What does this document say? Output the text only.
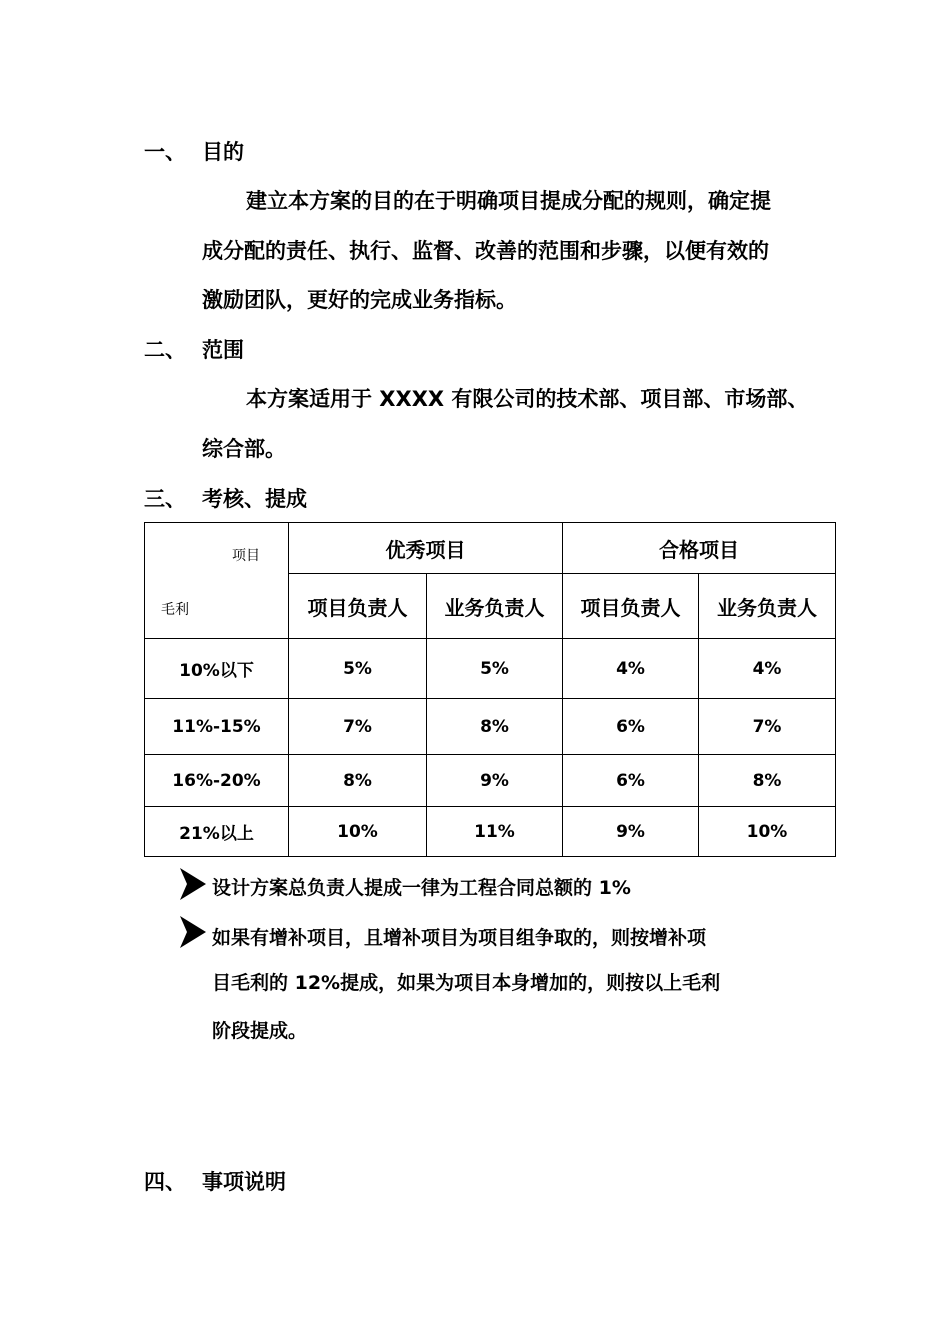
一、 目的
建立本方案的目的在于明确项目提成分配的规则，确定提
成分配的责任、执行、监督、改善的范围和步骤，以便有效的
激励团队，更好的完成业务指标。
二、 范围
本方案适用于 XXXX 有限公司的技术部、项目部、市场部、
综合部。
三、 考核、提成
项目
毛利	优秀项目		合格项目	
	项目负责人	业务负责人	项目负责人	业务负责人
10%以下	5%	5%	4%	4%
11%-15%	7%	8%	6%	7%
16%-20%	8%	9%	6%	8%
21%以上	10%	11%	9%	10%
设计方案总负责人提成一律为工程合同总额的 1%
如果有增补项目，且增补项目为项目组争取的，则按增补项
目毛利的 12%提成，如果为项目本身增加的，则按以上毛利
阶段提成。
四、 事项说明
